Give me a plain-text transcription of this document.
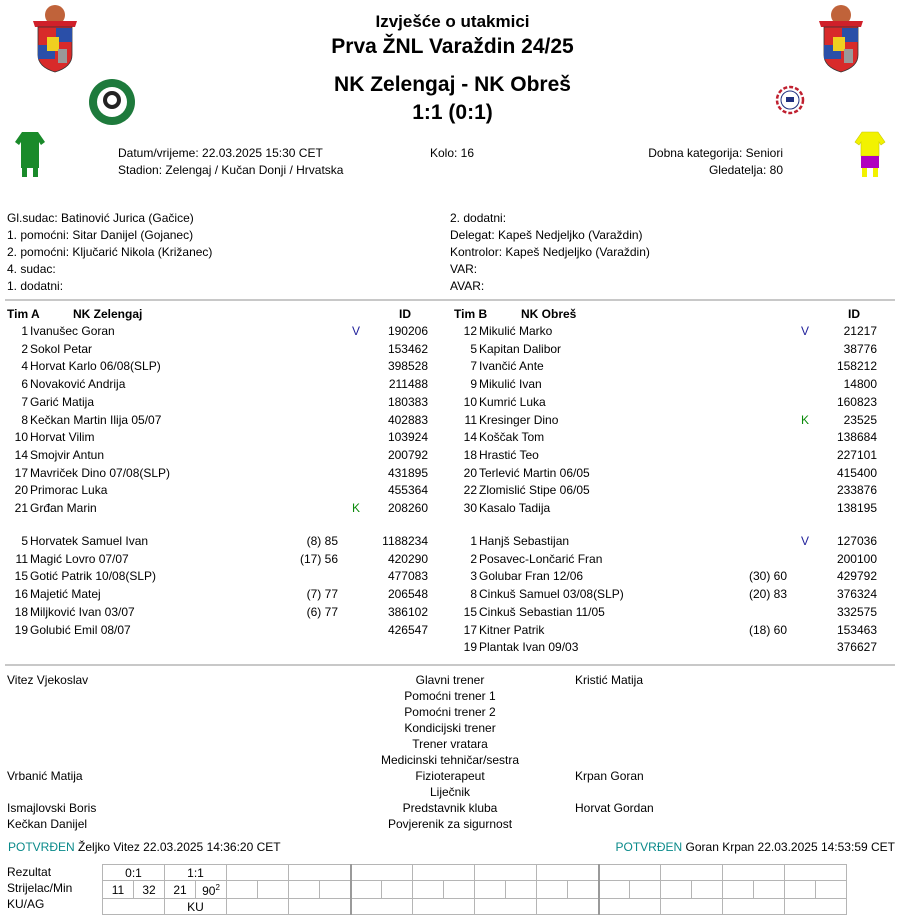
Izvješće o utakmici
Prva ŽNL Varaždin 24/25
NK Zelengaj - NK Obreš
1:1 (0:1)
Datum/vrijeme: 22.03.2025 15:30 CET
Stadion: Zelengaj / Kučan Donji / Hrvatska
Kolo: 16	Dobna kategorija: Seniori
Gledatelja: 80
Gl.sudac: Batinović Jurica (Gačice)
1. pomoćni: Sitar Danijel (Gojanec)
2. pomoćni: Ključarić Nikola (Križanec)
4. sudac:
1. dodatni:
2. dodatni:
Delegat: Kapeš Nedjeljko (Varaždin)
Kontrolor: Kapeš Nedjeljko (Varaždin)
VAR:
AVAR:
Tim A	NK Zelengaj	ID	Tim B	NK Obreš	ID
1 Ivanušec Goran	V	190206
2 Sokol Petar	153462
4 Horvat Karlo 06/08(SLP)	398528
6 Novaković Andrija	211488
7 Garić Matija	180383
8 Kečkan Martin Ilija 05/07	402883
10 Horvat Vilim	103924
14 Smojvir Antun	200792
17 Mavriček Dino 07/08(SLP)	431895
20 Primorac Luka	455364
21 Grđan Marin	K	208260
5 Horvatek Samuel Ivan	(8) 85	1188234
11 Magić Lovro 07/07	(17) 56	420290
15 Gotić Patrik 10/08(SLP)	477083
16 Majetić Matej	(7) 77	206548
18 Miljković Ivan 03/07	(6) 77	386102
19 Golubić Emil 08/07	426547
12 Mikulić Marko	V	21217
5 Kapitan Dalibor	38776
7 Ivančić Ante	158212
9 Mikulić Ivan	14800
10 Kumrić Luka	160823
11 Kresinger Dino	K	23525
14 Koščak Tom	138684
18 Hrastić Teo	227101
20 Terlević Martin 06/05	415400
22 Zlomislić Stipe 06/05	233876
30 Kasalo Tadija	138195
1 Hanjš Sebastijan	V	127036
2 Posavec-Lončarić Fran	200100
3 Golubar Fran 12/06	(30) 60	429792
8 Cinkuš Samuel 03/08(SLP)	(20) 83	376324
15 Cinkuš Sebastian 11/05	332575
17 Kitner Patrik	(18) 60	153463
19 Plantak Ivan 09/03	376627
Vitez Vjekoslav	Glavni trener	Kristić Matija
Pomoćni trener 1
Pomoćni trener 2
Kondicijski trener
Trener vratara
Medicinski tehničar/sestra
Vrbanić Matija	Fizioterapeut	Krpan Goran
Liječnik
Ismajlovski Boris	Predstavnik kluba	Horvat Gordan
Kečkan Danijel	Povjerenik za sigurnost
POTVRĐEN Željko Vitez 22.03.2025 14:36:20 CET	POTVRĐEN Goran Krpan 22.03.2025 14:53:59 CET
Rezultat
Strijelac/Min
KU/AG
0:1		1:1																					
11	32	21	$90^2$																				
		KU																					
